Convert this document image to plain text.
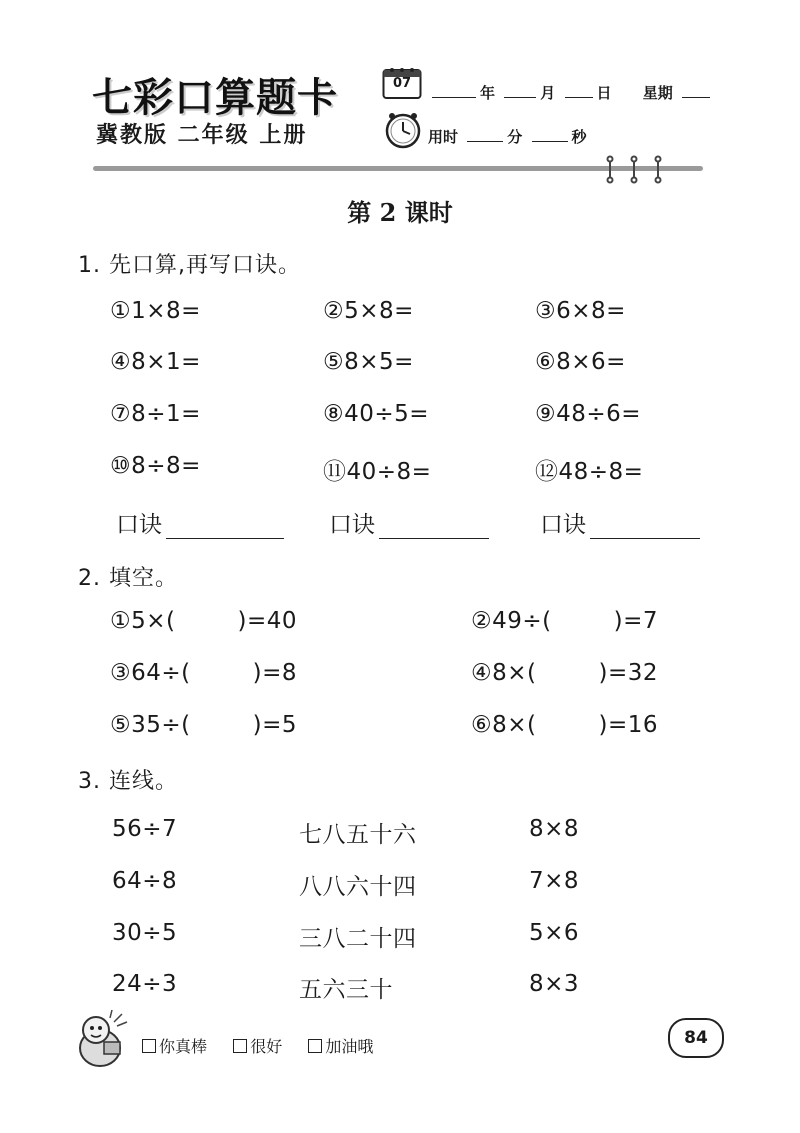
七彩口算题卡
冀教版 二年级 上册
07
年	月	日 星期
用时	分	秒
第 2 课时
1. 先口算,再写口诀。
①1×8=	②5×8=	③6×8=
④8×1=	⑤8×5=	⑥8×6=
⑦8÷1=	⑧40÷5=	⑨48÷6=
⑩8÷8=	⑪40÷8=	⑫48÷8=
口诀	口诀	口诀
2. 填空。
①5×(	)=40	②49÷(	)=7
③64÷(	)=8	④8×(	)=32
⑤35÷(	)=5	⑥8×(	)=16
3. 连线。
56÷7	七八五十六	8×8
64÷8	八八六十四	7×8
30÷5	三八二十四	5×6
24÷3	五六三十	8×3
你真棒	很好	加油哦	84
